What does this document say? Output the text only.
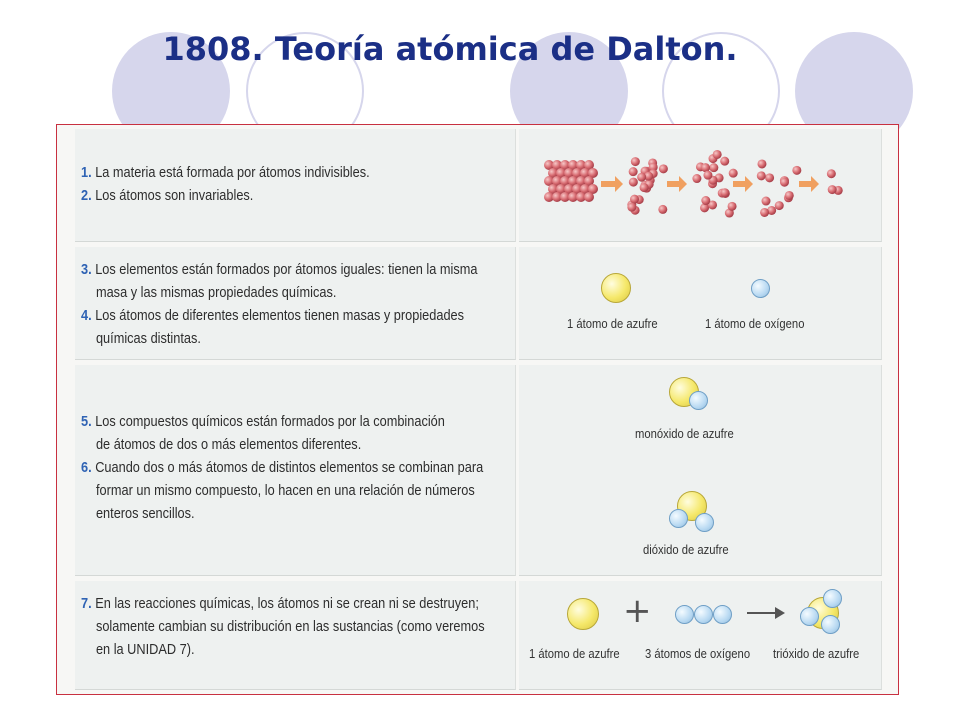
1808. Teoría atómica de Dalton.
1. La materia está formada por átomos indivisibles.
2. Los átomos son invariables.
3. Los elementos están formados por átomos iguales: tienen la misma
masa y las mismas propiedades químicas.
4. Los átomos de diferentes elementos tienen masas y propiedades
químicas distintas.
1 átomo de azufre	1 átomo de oxígeno
5. Los compuestos químicos están formados por la combinación
de átomos de dos o más elementos diferentes.
6. Cuando dos o más átomos de distintos elementos se combinan para
formar un mismo compuesto, lo hacen en una relación de números
enteros sencillos.
monóxido de azufre
dióxido de azufre
7. En las reacciones químicas, los átomos ni se crean ni se destruyen;
solamente cambian su distribución en las sustancias (como veremos
en la UNIDAD 7).
+
1 átomo de azufre 3 átomos de oxígeno trióxido de azufre
